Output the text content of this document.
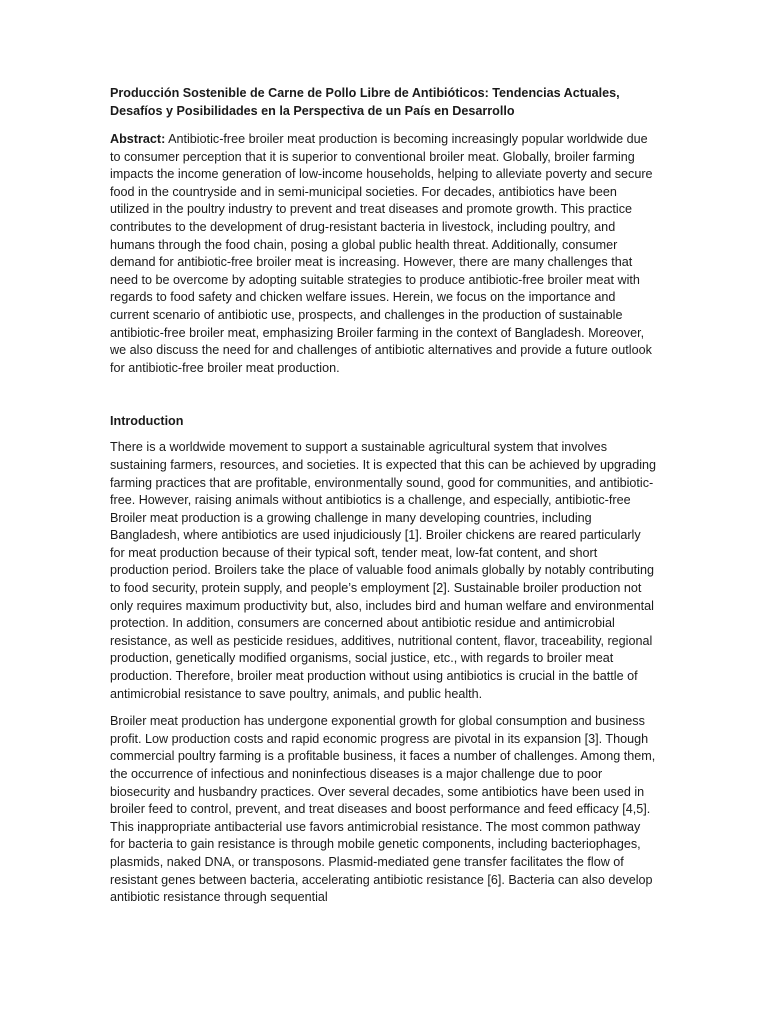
Producción Sostenible de Carne de Pollo Libre de Antibióticos: Tendencias Actuales, Desafíos y Posibilidades en la Perspectiva de un País en Desarrollo

Abstract: Antibiotic-free broiler meat production is becoming increasingly popular worldwide due to consumer perception that it is superior to conventional broiler meat. Globally, broiler farming impacts the income generation of low-income households, helping to alleviate poverty and secure food in the countryside and in semi-municipal societies. For decades, antibiotics have been utilized in the poultry industry to prevent and treat diseases and promote growth. This practice contributes to the development of drug-resistant bacteria in livestock, including poultry, and humans through the food chain, posing a global public health threat. Additionally, consumer demand for antibiotic-free broiler meat is increasing. However, there are many challenges that need to be overcome by adopting suitable strategies to produce antibiotic-free broiler meat with regards to food safety and chicken welfare issues. Herein, we focus on the importance and current scenario of antibiotic use, prospects, and challenges in the production of sustainable antibiotic-free broiler meat, emphasizing Broiler farming in the context of Bangladesh. Moreover, we also discuss the need for and challenges of antibiotic alternatives and provide a future outlook for antibiotic-free broiler meat production.

Introduction

There is a worldwide movement to support a sustainable agricultural system that involves sustaining farmers, resources, and societies. It is expected that this can be achieved by upgrading farming practices that are profitable, environmentally sound, good for communities, and antibiotic-free. However, raising animals without antibiotics is a challenge, and especially, antibiotic-free Broiler meat production is a growing challenge in many developing countries, including Bangladesh, where antibiotics are used injudiciously [1]. Broiler chickens are reared particularly for meat production because of their typical soft, tender meat, low-fat content, and short production period. Broilers take the place of valuable food animals globally by notably contributing to food security, protein supply, and people’s employment [2]. Sustainable broiler production not only requires maximum productivity but, also, includes bird and human welfare and environmental protection. In addition, consumers are concerned about antibiotic residue and antimicrobial resistance, as well as pesticide residues, additives, nutritional content, flavor, traceability, regional production, genetically modified organisms, social justice, etc., with regards to broiler meat production. Therefore, broiler meat production without using antibiotics is crucial in the battle of antimicrobial resistance to save poultry, animals, and public health.

Broiler meat production has undergone exponential growth for global consumption and business profit. Low production costs and rapid economic progress are pivotal in its expansion [3]. Though commercial poultry farming is a profitable business, it faces a number of challenges. Among them, the occurrence of infectious and noninfectious diseases is a major challenge due to poor biosecurity and husbandry practices. Over several decades, some antibiotics have been used in broiler feed to control, prevent, and treat diseases and boost performance and feed efficacy [4,5]. This inappropriate antibacterial use favors antimicrobial resistance. The most common pathway for bacteria to gain resistance is through mobile genetic components, including bacteriophages, plasmids, naked DNA, or transposons. Plasmid-mediated gene transfer facilitates the flow of resistant genes between bacteria, accelerating antibiotic resistance [6]. Bacteria can also develop antibiotic resistance through sequential
